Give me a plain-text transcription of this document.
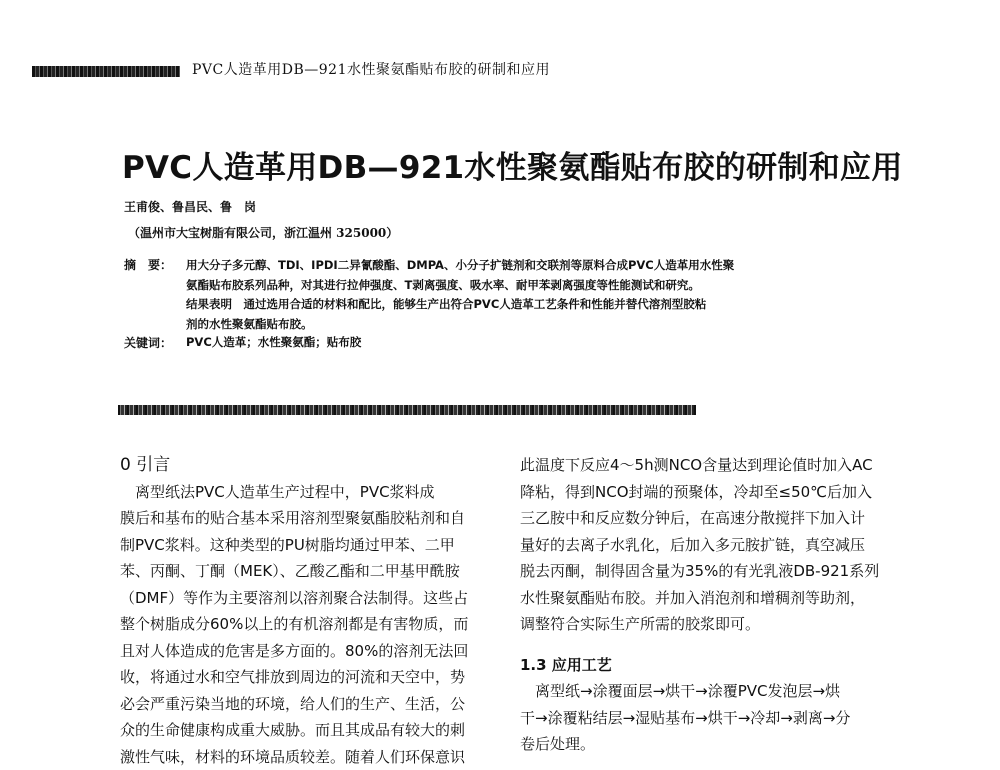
PVC人造革用DB—921水性聚氨酯贴布胶的研制和应用
PVC人造革用DB—921水性聚氨酯贴布胶的研制和应用
王甫俊、鲁昌民、鲁　岗
（温州市大宝树脂有限公司，浙江温州 325000）
摘　要： 用大分子多元醇、TDI、IPDI二异氰酸酯、DMPA、小分子扩链剂和交联剂等原料合成PVC人造革用水性聚
氨酯贴布胶系列品种，对其进行拉伸强度、T剥离强度、吸水率、耐甲苯剥离强度等性能测试和研究。
结果表明　通过选用合适的材料和配比，能够生产出符合PVC人造革工艺条件和性能并替代溶剂型胶粘
剂的水性聚氨酯贴布胶。
关键词： PVC人造革；水性聚氨酯；贴布胶
0 引言
　离型纸法PVC人造革生产过程中，PVC浆料成
膜后和基布的贴合基本采用溶剂型聚氨酯胶粘剂和自
制PVC浆料。这种类型的PU树脂均通过甲苯、二甲
苯、丙酮、丁酮（MEK）、乙酸乙酯和二甲基甲酰胺
（DMF）等作为主要溶剂以溶剂聚合法制得。这些占
整个树脂成分60%以上的有机溶剂都是有害物质，而
且对人体造成的危害是多方面的。80%的溶剂无法回
收，将通过水和空气排放到周边的河流和天空中，势
必会严重污染当地的环境，给人们的生产、生活，公
众的生命健康构成重大威胁。而且其成品有较大的刺
激性气味，材料的环境品质较差。随着人们环保意识
此温度下反应4～5h测NCO含量达到理论值时加入AC
降粘，得到NCO封端的预聚体，冷却至≤50℃后加入
三乙胺中和反应数分钟后，在高速分散搅拌下加入计
量好的去离子水乳化，后加入多元胺扩链，真空减压
脱去丙酮，制得固含量为35%的有光乳液DB-921系列
水性聚氨酯贴布胶。并加入消泡剂和增稠剂等助剂，
调整符合实际生产所需的胶浆即可。
1.3 应用工艺
　离型纸→涂覆面层→烘干→涂覆PVC发泡层→烘
干→涂覆粘结层→湿贴基布→烘干→冷却→剥离→分
卷后处理。
